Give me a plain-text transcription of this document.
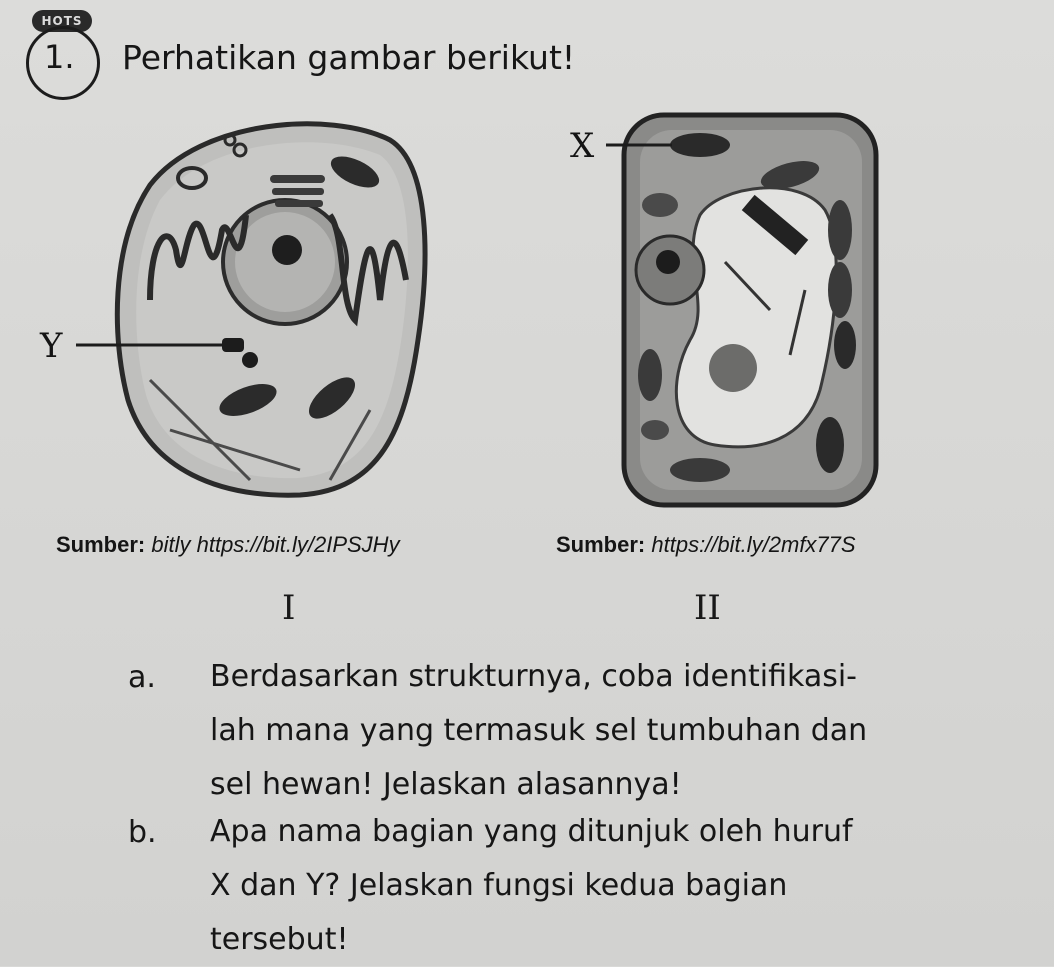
HOTS
1. Perhatikan gambar berikut!
Y
X
Sumber: bitly https://bit.ly/2IPSJHy	Sumber: https://bit.ly/2mfx77S
I	II
a. Berdasarkan strukturnya, coba identifikasi-
lah mana yang termasuk sel tumbuhan dan
sel hewan! Jelaskan alasannya!
b. Apa nama bagian yang ditunjuk oleh huruf
X dan Y? Jelaskan fungsi kedua bagian
tersebut!
